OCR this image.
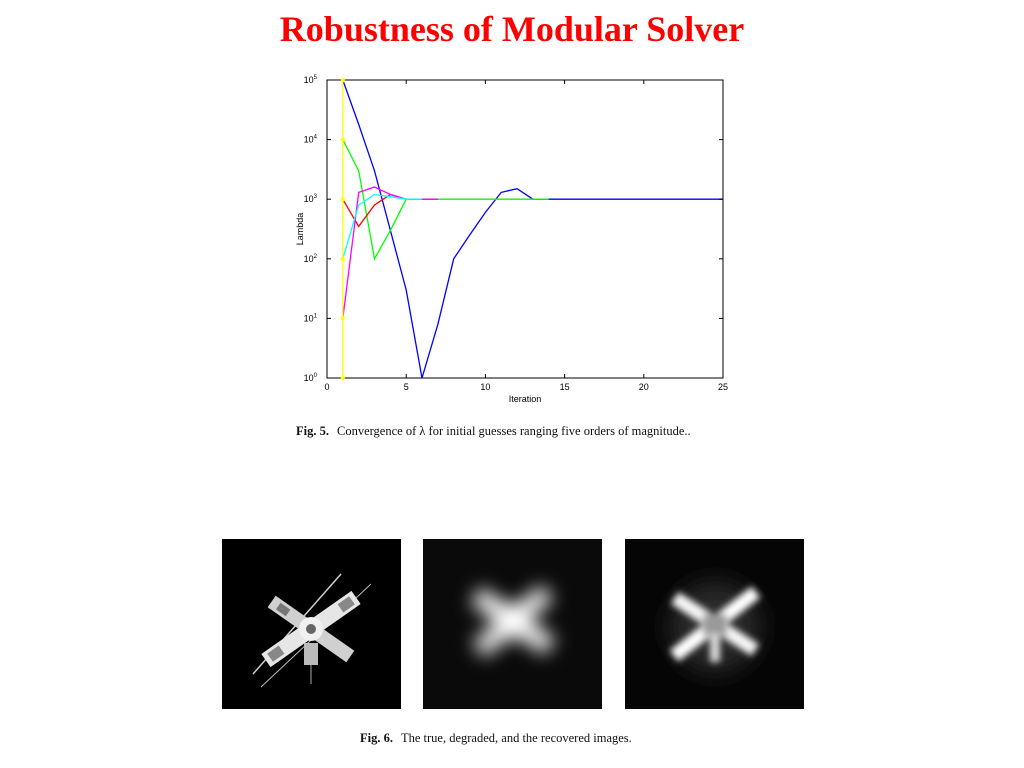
Robustness of Modular Solver
0	5	10	15	20	25
$10^0$
$10^1$
$10^2$
$10^3$
$10^4$
$10^5$
Iteration
Lambda
Fig. 5. Convergence of λ for initial guesses ranging five orders of magnitude..
Fig. 6. The true, degraded, and the recovered images.
